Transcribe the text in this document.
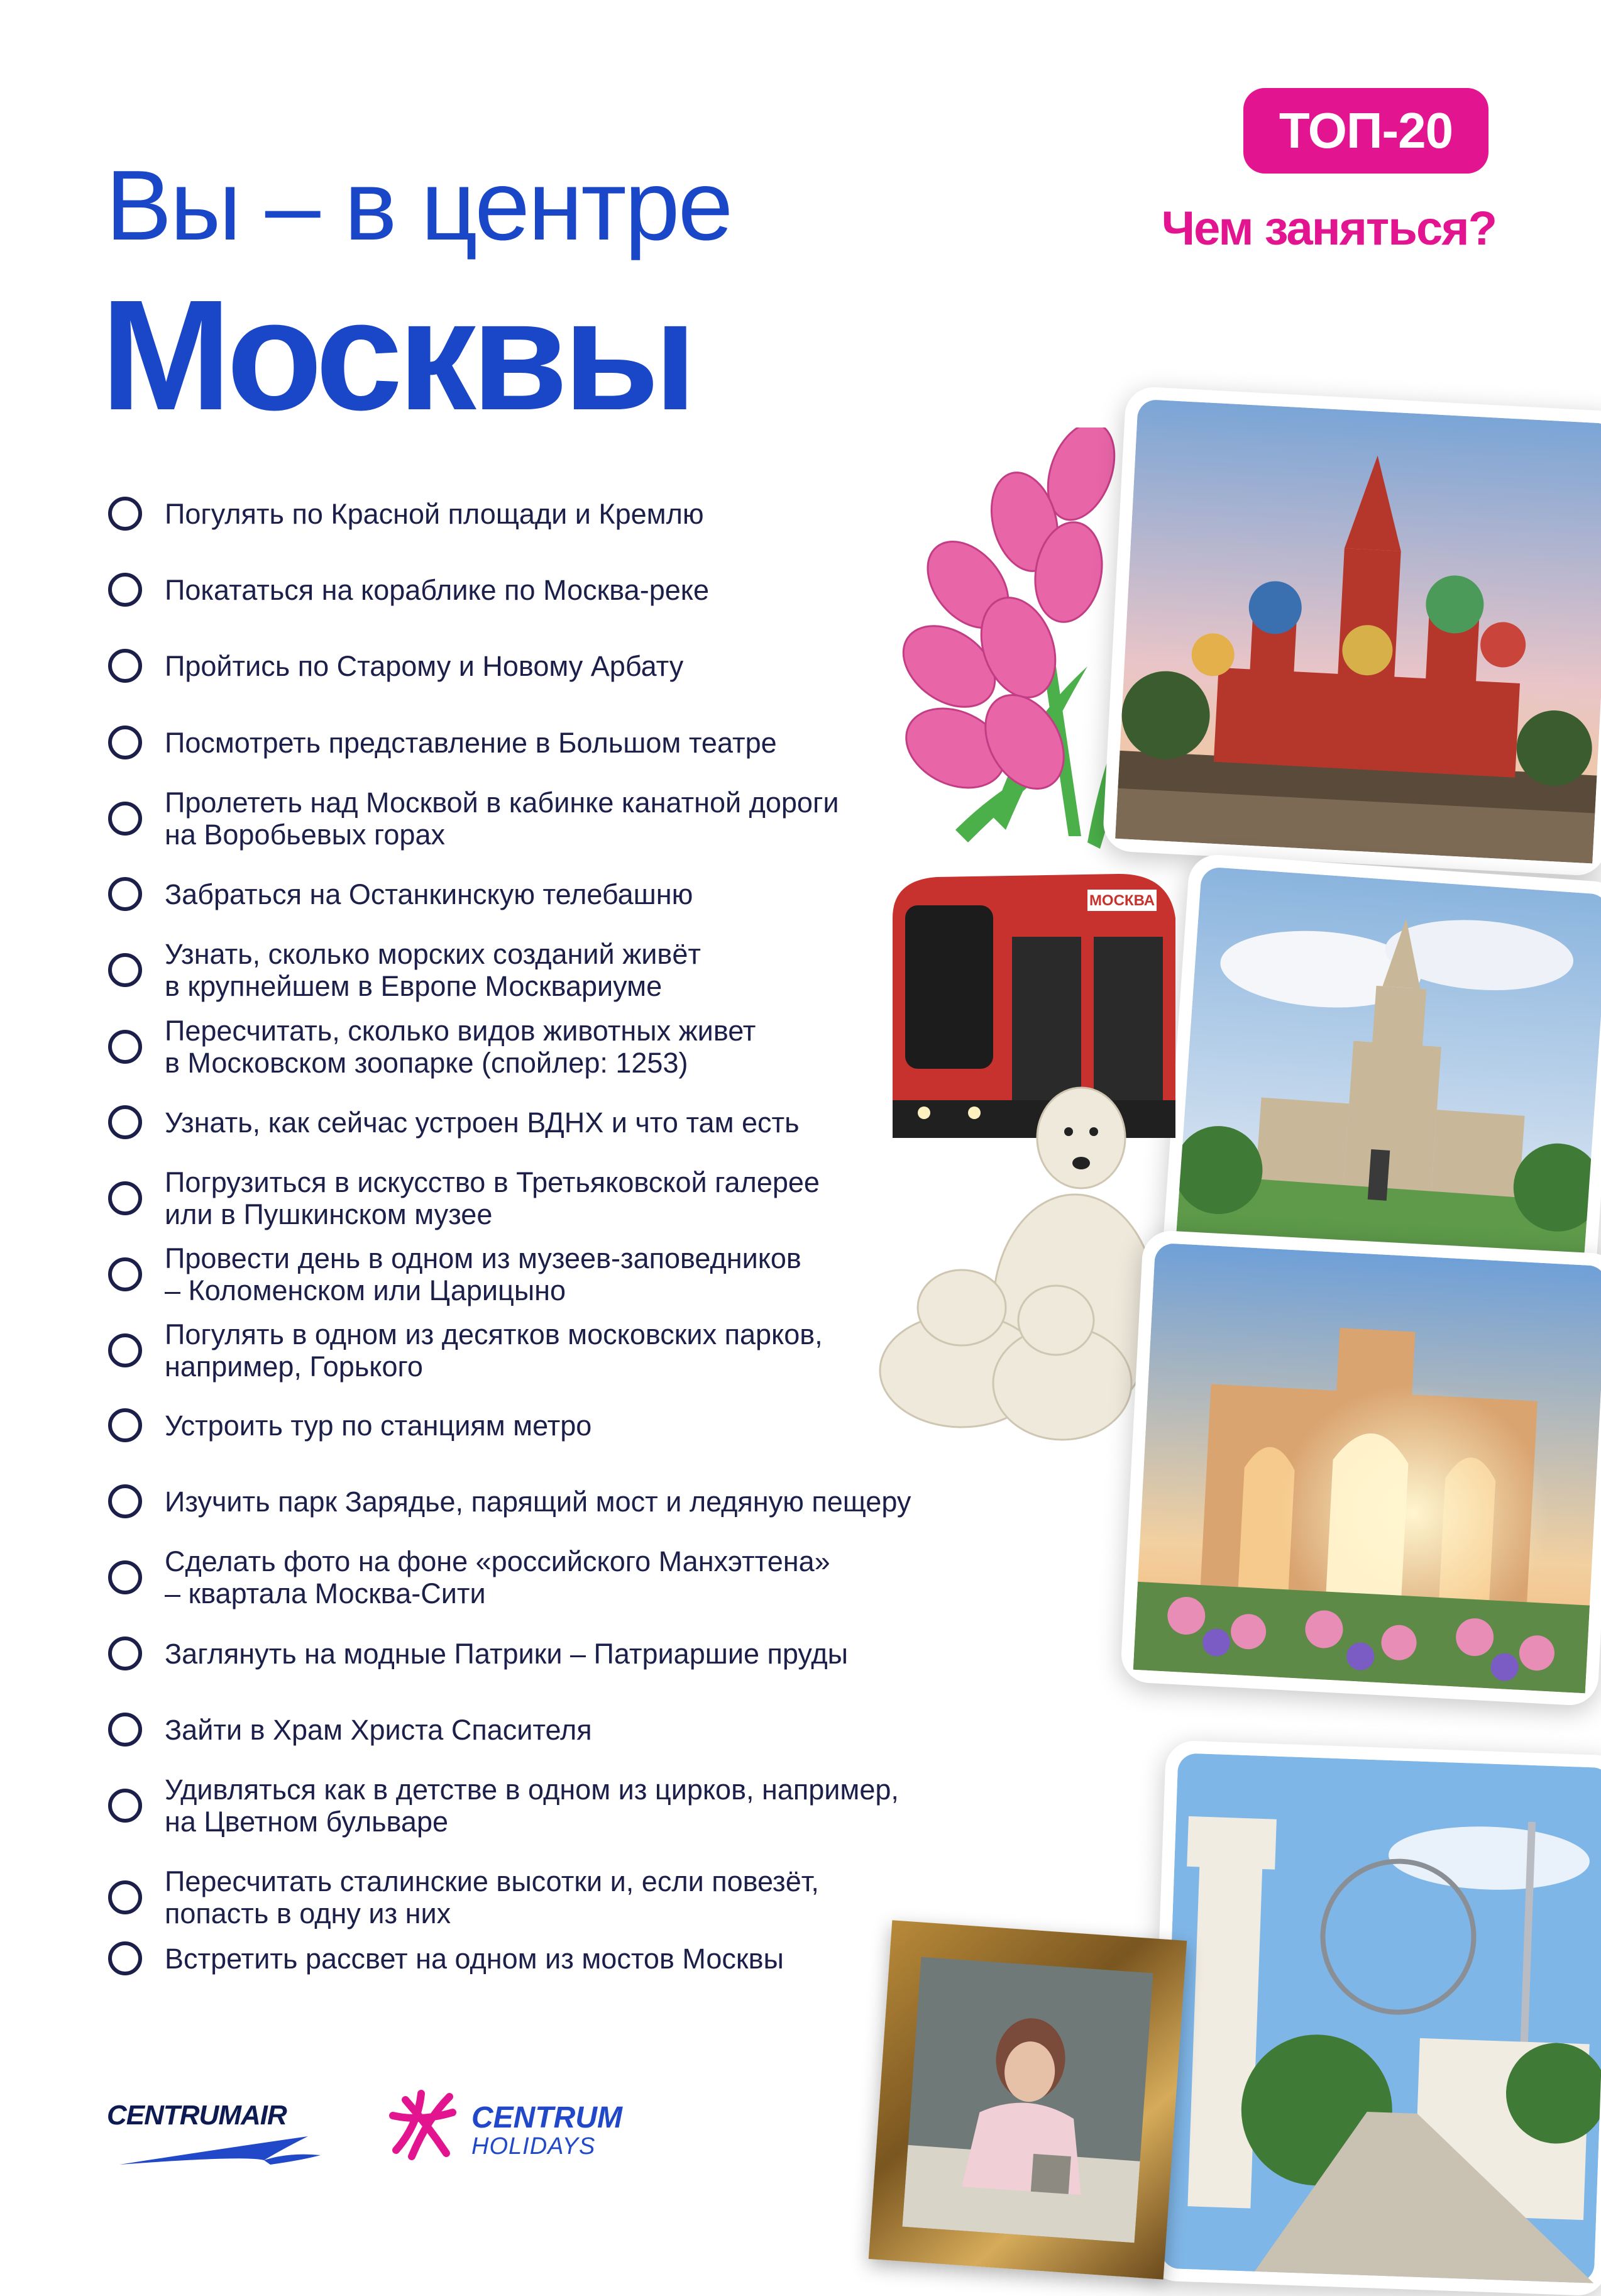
Вы – в центре
Москвы
ТОП-20
Чем заняться?
Погулять по Красной площади и Кремлю
Покататься на кораблике по Москва-реке
Пройтись по Старому и Новому Арбату
Посмотреть представление в Большом театре
Пролететь над Москвой в кабинке канатной дороги
на Воробьевых горах
Забраться на Останкинскую телебашню
Узнать, сколько морских созданий живёт
в крупнейшем в Европе Москвариуме
Пересчитать, сколько видов животных живет
в Московском зоопарке (спойлер: 1253)
Узнать, как сейчас устроен ВДНХ и что там есть
Погрузиться в искусство в Третьяковской галерее
или в Пушкинском музее
Провести день в одном из музеев-заповедников
– Коломенском или Царицыно
Погулять в одном из десятков московских парков,
например, Горького
Устроить тур по станциям метро
Изучить парк Зарядье, парящий мост и ледяную пещеру
Сделать фото на фоне «российского Манхэттена»
– квартала Москва-Сити
Заглянуть на модные Патрики – Патриаршие пруды
Зайти в Храм Христа Спасителя
Удивляться как в детстве в одном из цирков, например,
на Цветном бульваре
Пересчитать сталинские высотки и, если повезёт, попасть в одну из них
Встретить рассвет на одном из мостов Москвы
МОСКВА
CENTRUMAIR	CENTRUM
HOLIDAYS
